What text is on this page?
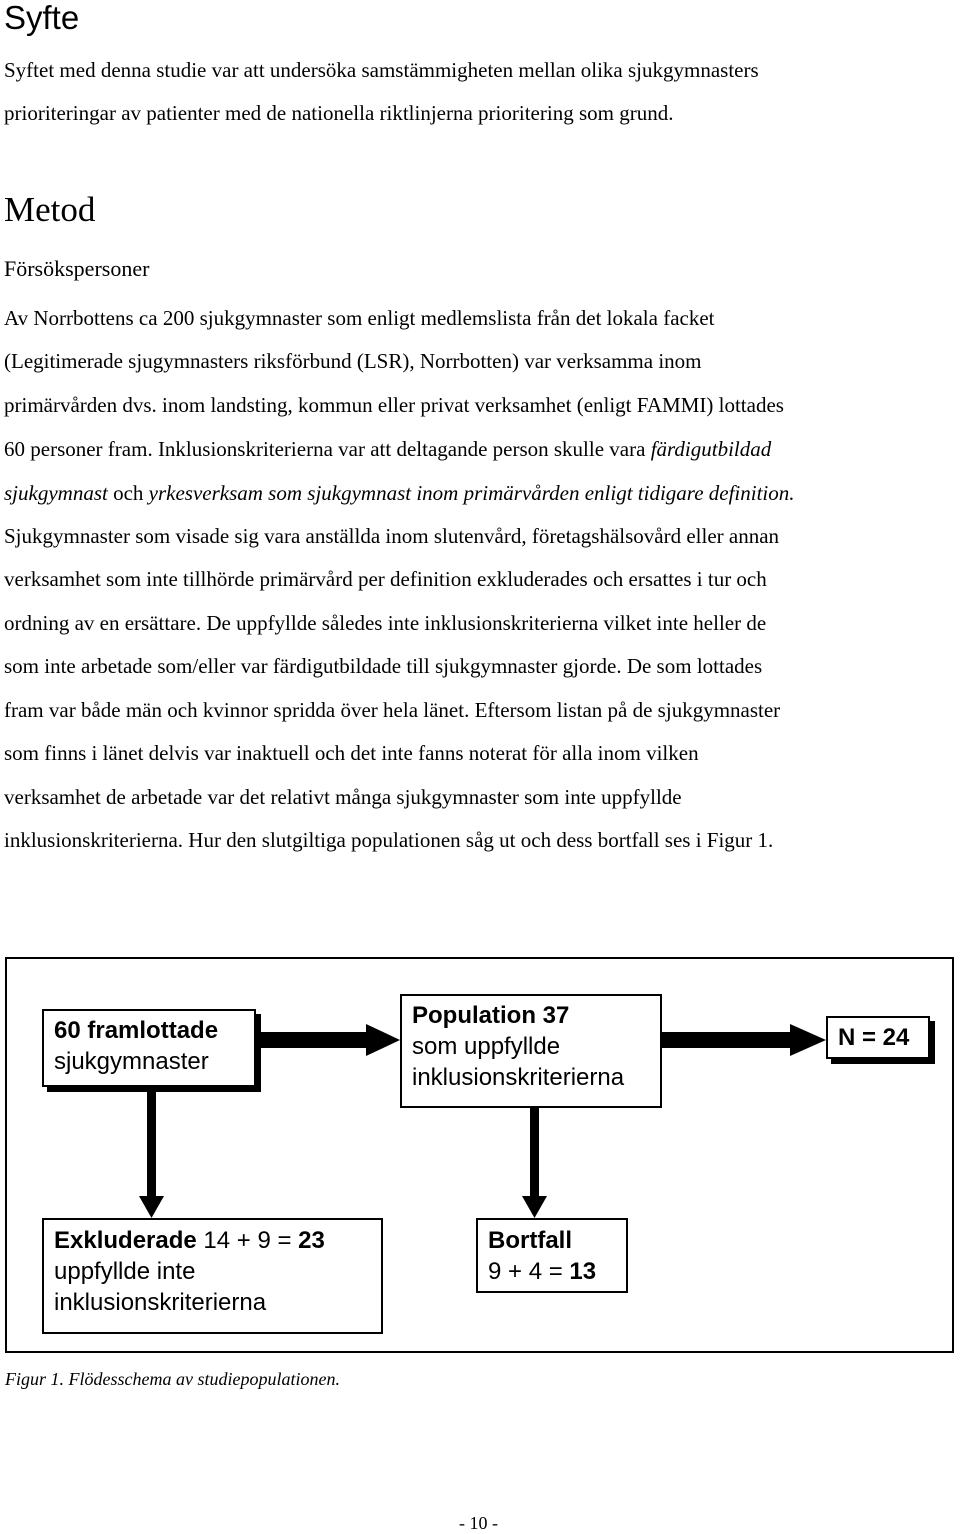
Syfte
Syftet med denna studie var att undersöka samstämmigheten mellan olika sjukgymnasters
prioriteringar av patienter med de nationella riktlinjerna prioritering som grund.
Metod
Försökspersoner
Av Norrbottens ca 200 sjukgymnaster som enligt medlemslista från det lokala facket
(Legitimerade sjugymnasters riksförbund (LSR), Norrbotten) var verksamma inom
primärvården dvs. inom landsting, kommun eller privat verksamhet (enligt FAMMI) lottades
60 personer fram. Inklusionskriterierna var att deltagande person skulle vara färdigutbildad
sjukgymnast och yrkesverksam som sjukgymnast inom primärvården enligt tidigare definition.
Sjukgymnaster som visade sig vara anställda inom slutenvård, företagshälsovård eller annan
verksamhet som inte tillhörde primärvård per definition exkluderades och ersattes i tur och
ordning av en ersättare. De uppfyllde således inte inklusionskriterierna vilket inte heller de
som inte arbetade som/eller var färdigutbildade till sjukgymnaster gjorde. De som lottades
fram var både män och kvinnor spridda över hela länet. Eftersom listan på de sjukgymnaster
som finns i länet delvis var inaktuell och det inte fanns noterat för alla inom vilken
verksamhet de arbetade var det relativt många sjukgymnaster som inte uppfyllde
inklusionskriterierna. Hur den slutgiltiga populationen såg ut och dess bortfall ses i Figur 1.
60 framlottade
sjukgymnaster
Population 37
som uppfyllde
inklusionskriterierna
N = 24
Exkluderade 14 + 9 = 23
uppfyllde inte
inklusionskriterierna
Bortfall
9 + 4 = 13
Figur 1. Flödesschema av studiepopulationen.
- 10 -
